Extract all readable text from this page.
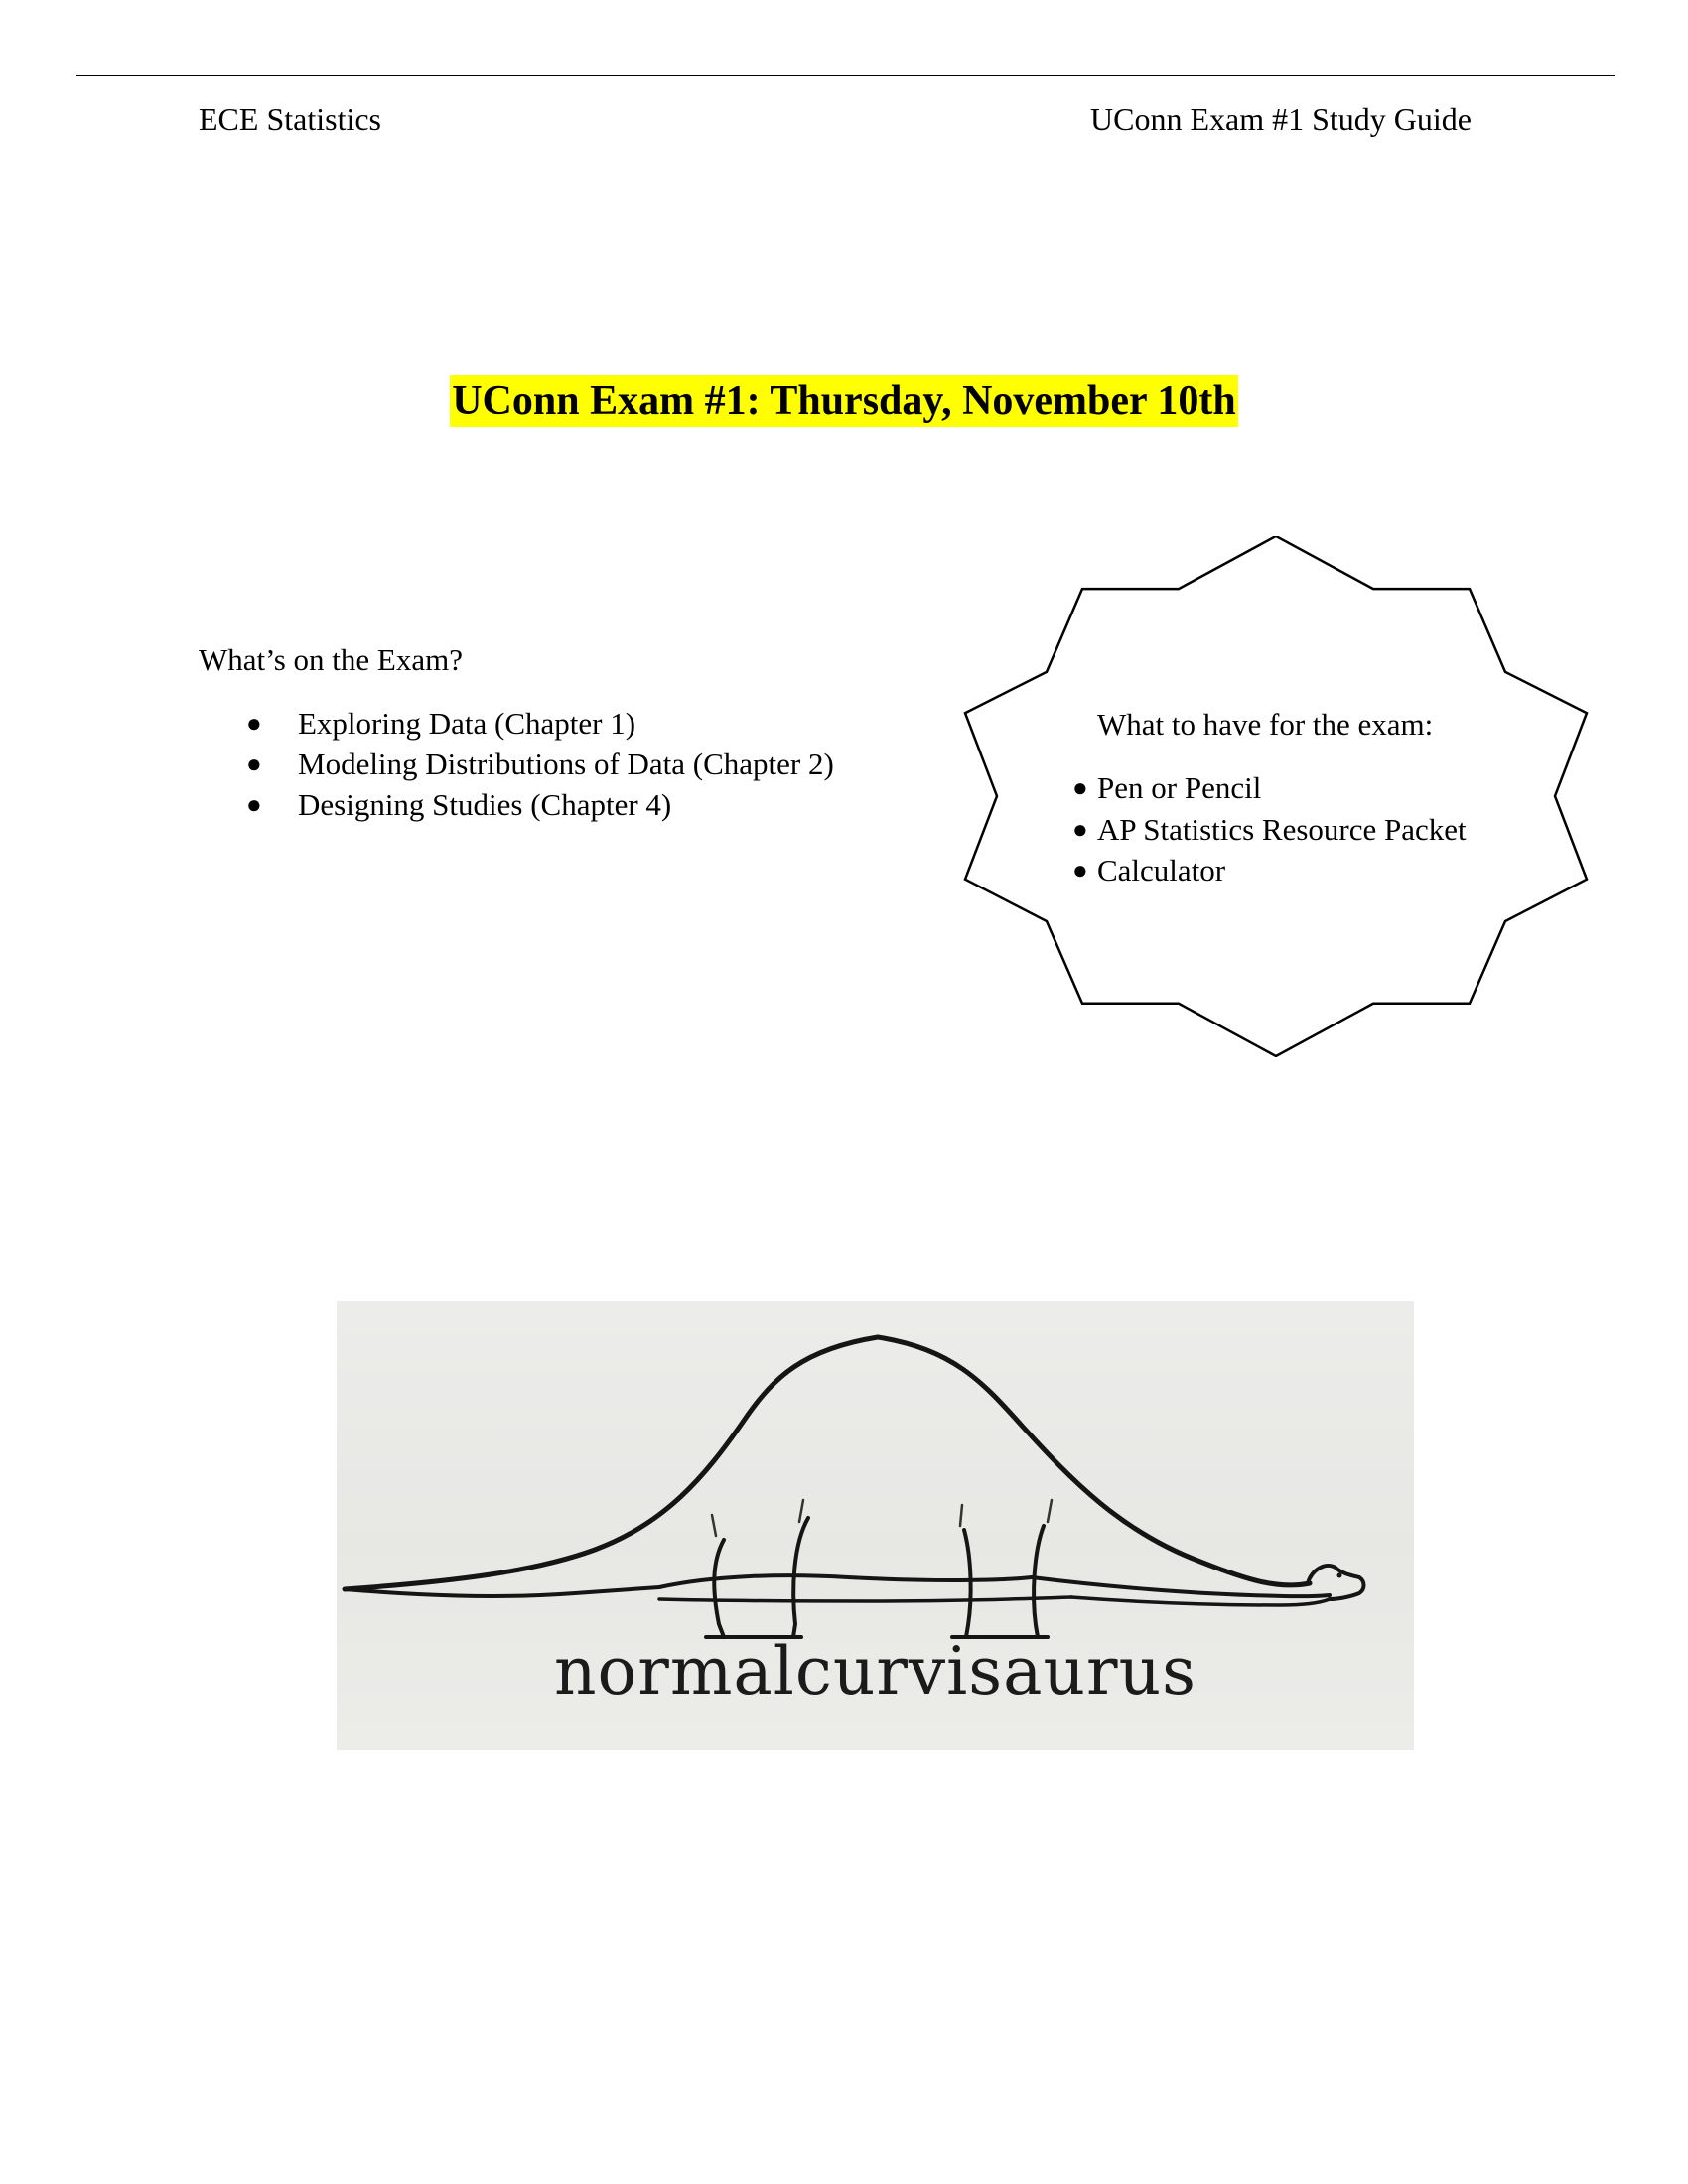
ECE Statistics	UConn Exam #1 Study Guide
UConn Exam #1: Thursday, November 10th
What’s on the Exam?
● Exploring Data (Chapter 1)
● Modeling Distributions of Data (Chapter 2)
● Designing Studies (Chapter 4)
What to have for the exam:
● Pen or Pencil
● AP Statistics Resource Packet
● Calculator
normalcurvisaurus
